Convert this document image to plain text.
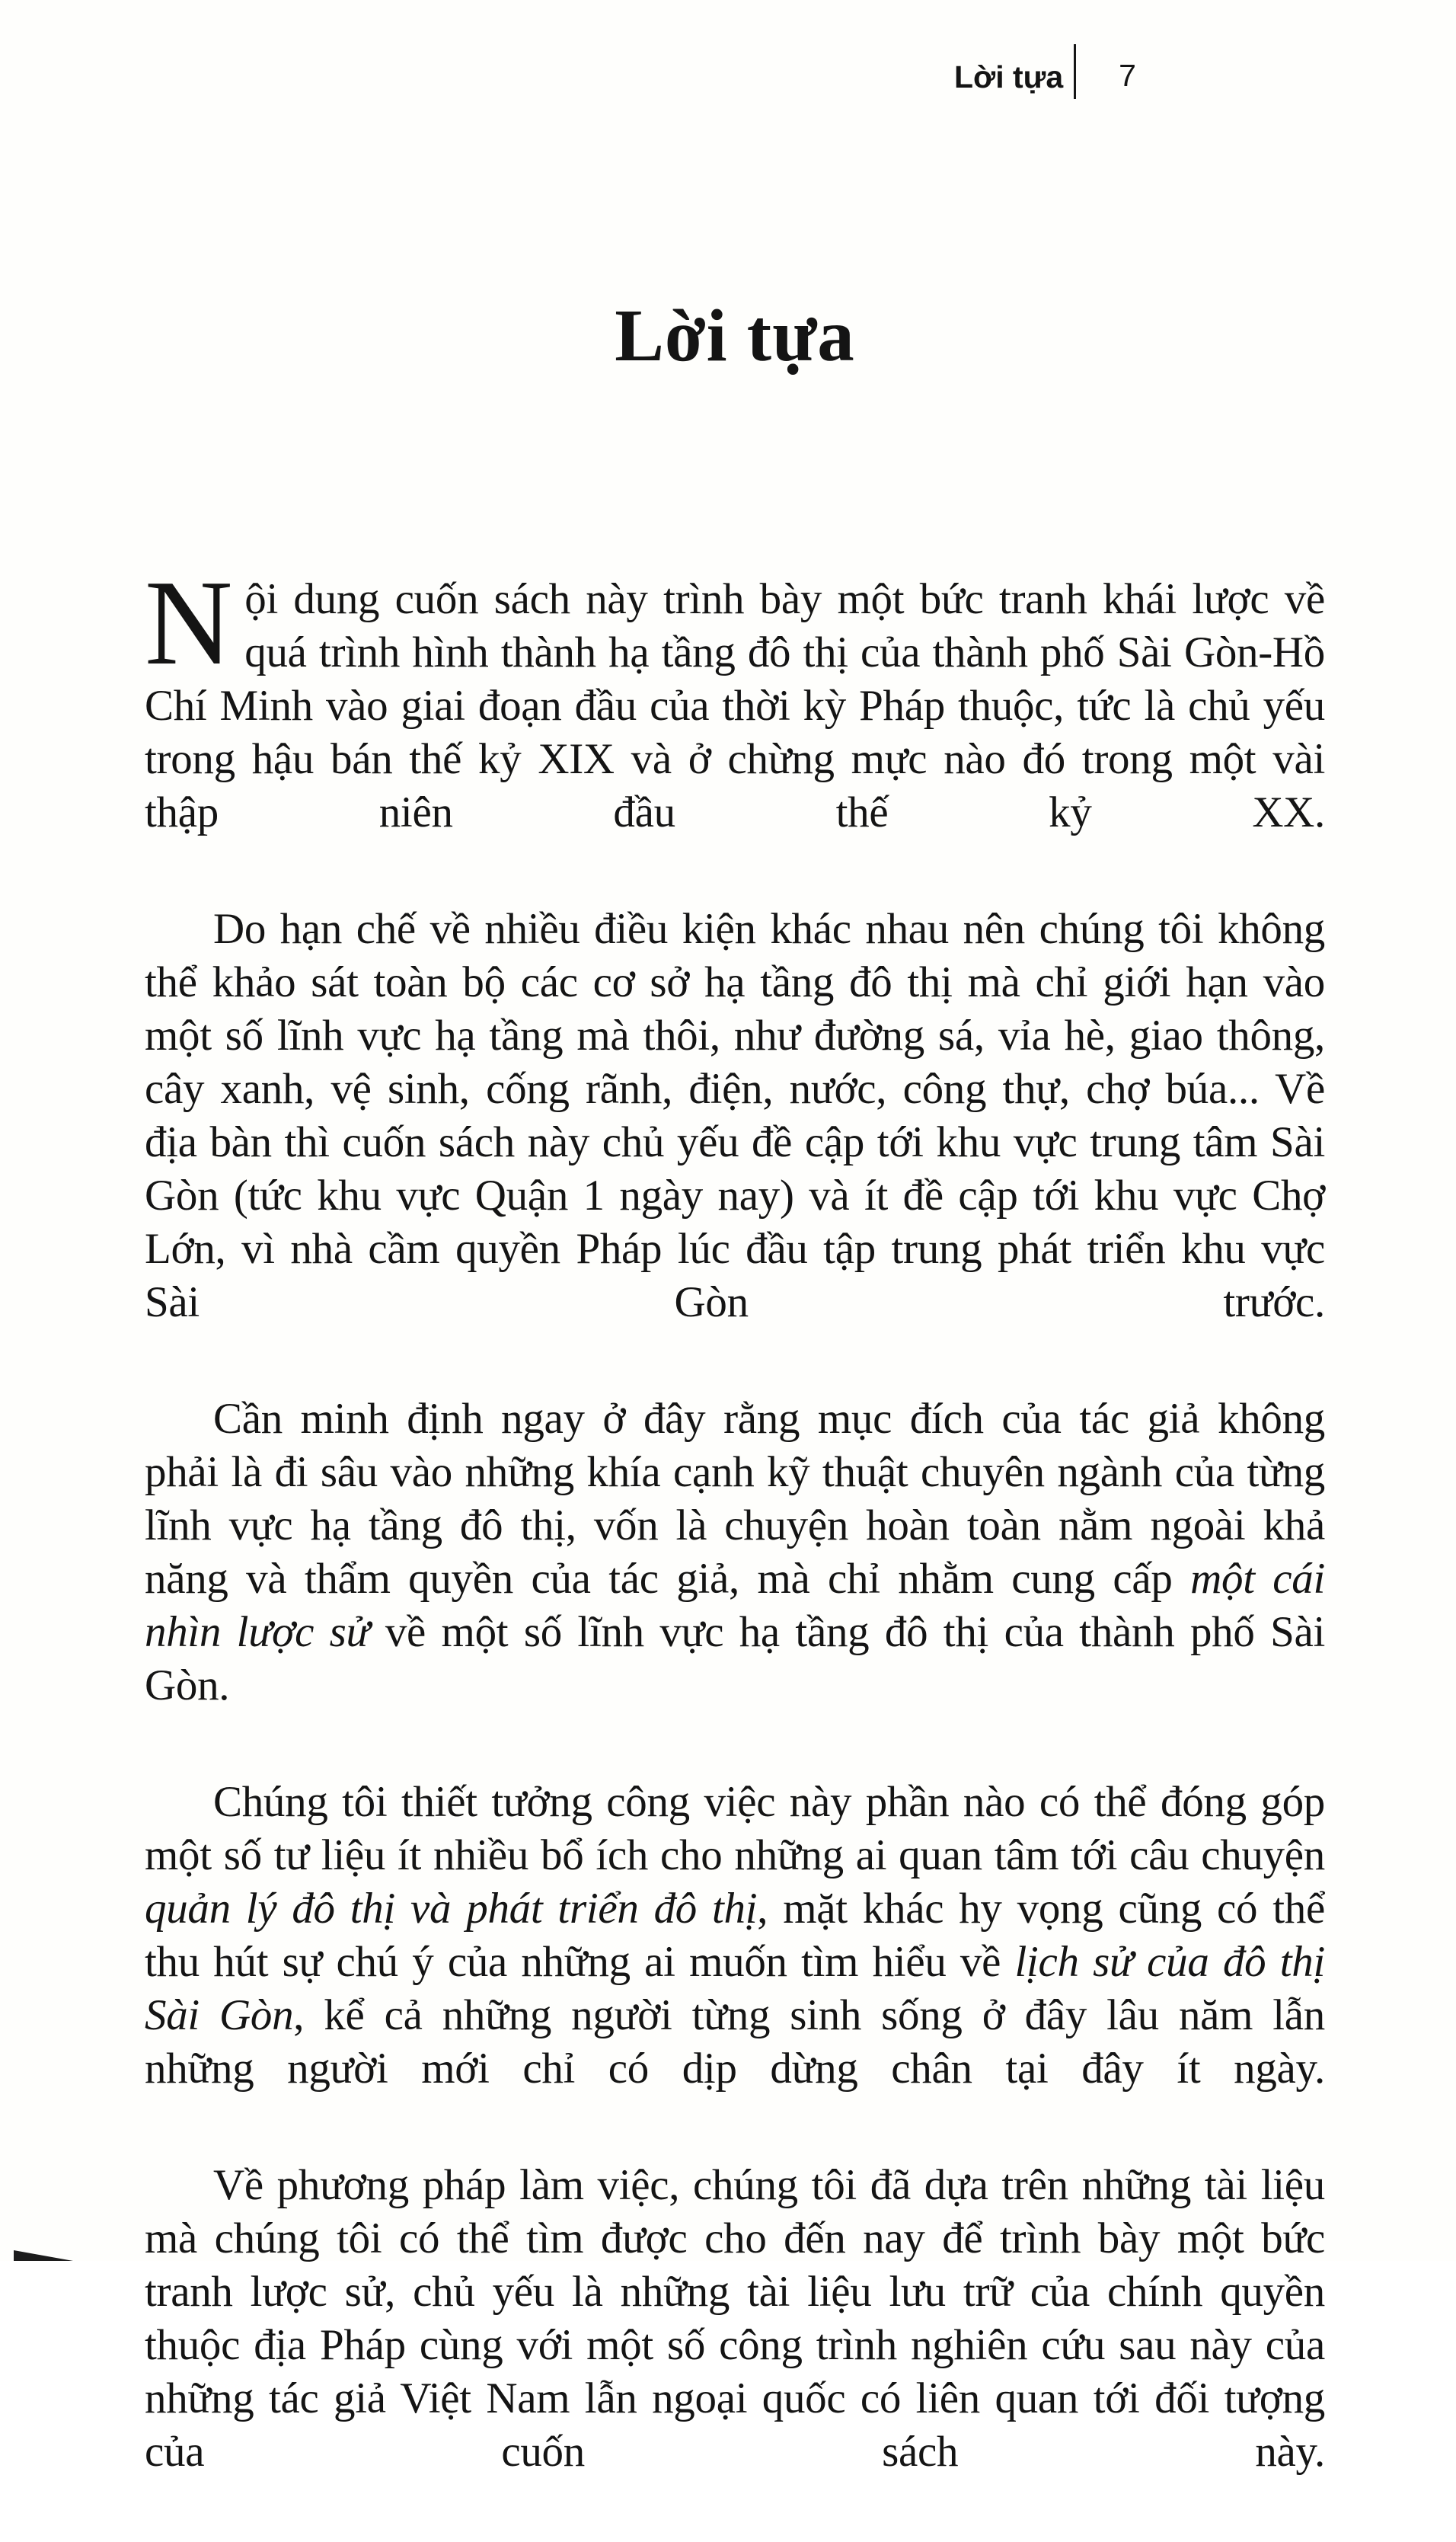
Lời tựa 7
Lời tựa

Nội dung cuốn sách này trình bày một bức tranh khái lược về quá trình hình thành hạ tầng đô thị của thành phố Sài Gòn-Hồ Chí Minh vào giai đoạn đầu của thời kỳ Pháp thuộc, tức là chủ yếu trong hậu bán thế kỷ XIX và ở chừng mực nào đó trong một vài thập niên đầu thế kỷ XX.

Do hạn chế về nhiều điều kiện khác nhau nên chúng tôi không thể khảo sát toàn bộ các cơ sở hạ tầng đô thị mà chỉ giới hạn vào một số lĩnh vực hạ tầng mà thôi, như đường sá, vỉa hè, giao thông, cây xanh, vệ sinh, cống rãnh, điện, nước, công thự, chợ búa... Về địa bàn thì cuốn sách này chủ yếu đề cập tới khu vực trung tâm Sài Gòn (tức khu vực Quận 1 ngày nay) và ít đề cập tới khu vực Chợ Lớn, vì nhà cầm quyền Pháp lúc đầu tập trung phát triển khu vực Sài Gòn trước.

Cần minh định ngay ở đây rằng mục đích của tác giả không phải là đi sâu vào những khía cạnh kỹ thuật chuyên ngành của từng lĩnh vực hạ tầng đô thị, vốn là chuyện hoàn toàn nằm ngoài khả năng và thẩm quyền của tác giả, mà chỉ nhằm cung cấp một cái nhìn lược sử về một số lĩnh vực hạ tầng đô thị của thành phố Sài Gòn.

Chúng tôi thiết tưởng công việc này phần nào có thể đóng góp một số tư liệu ít nhiều bổ ích cho những ai quan tâm tới câu chuyện quản lý đô thị và phát triển đô thị, mặt khác hy vọng cũng có thể thu hút sự chú ý của những ai muốn tìm hiểu về lịch sử của đô thị Sài Gòn, kể cả những người từng sinh sống ở đây lâu năm lẫn những người mới chỉ có dịp dừng chân tại đây ít ngày.

Về phương pháp làm việc, chúng tôi đã dựa trên những tài liệu mà chúng tôi có thể tìm được cho đến nay để trình bày một bức tranh lược sử, chủ yếu là những tài liệu lưu trữ của chính quyền thuộc địa Pháp cùng với một số công trình nghiên cứu sau này của những tác giả Việt Nam lẫn ngoại quốc có liên quan tới đối tượng của cuốn sách này.
